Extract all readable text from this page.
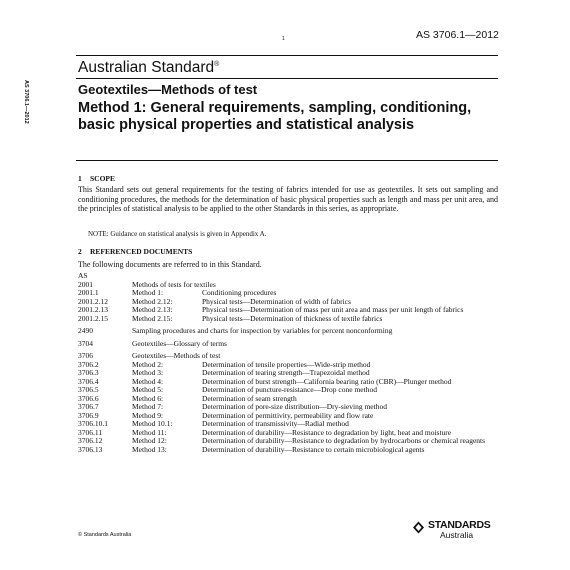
1	AS 3706.1—2012
AS 3706.1—2012
Australian Standard®
Geotextiles—Methods of test
Method 1: General requirements, sampling, conditioning, basic physical properties and statistical analysis
1 SCOPE
This Standard sets out general requirements for the testing of fabrics intended for use as geotextiles. It sets out sampling and conditioning procedures, the methods for the determination of basic physical properties such as length and mass per unit area, and the principles of statistical analysis to be applied to the other Standards in this series, as appropriate.
NOTE: Guidance on statistical analysis is given in Appendix A.
2 REFERENCED DOCUMENTS
The following documents are referred to in this Standard.
AS
2001	Methods of tests for textiles
2001.1	Method 1:	Conditioning procedures
2001.2.12	Method 2.12:	Physical tests—Determination of width of fabrics
2001.2.13	Method 2.13:	Physical tests—Determination of mass per unit area and mass per unit length of fabrics
2001.2.15	Method 2.15:	Physical tests—Determination of thickness of textile fabrics
2490	Sampling procedures and charts for inspection by variables for percent nonconforming
3704	Geotextiles—Glossary of terms
3706	Geotextiles—Methods of test
3706.2	Method 2:	Determination of tensile properties—Wide-strip method
3706.3	Method 3:	Determination of tearing strength—Trapezoidal method
3706.4	Method 4:	Determination of burst strength—California bearing ratio (CBR)—Plunger method
3706.5	Method 5:	Determination of puncture-resistance—Drop cone method
3706.6	Method 6:	Determination of seam strength
3706.7	Method 7:	Determination of pore-size distribution—Dry-sieving method
3706.9	Method 9:	Determination of permittivity, permeability and flow rate
3706.10.1	Method 10.1:	Determination of transmissivity—Radial method
3706.11	Method 11:	Determination of durability—Resistance to degradation by light, heat and moisture
3706.12	Method 12:	Determination of durability—Resistance to degradation by hydrocarbons or chemical reagents
3706.13	Method 13:	Determination of durability—Resistance to certain microbiological agents
© Standards Australia
STANDARDS
Australia
